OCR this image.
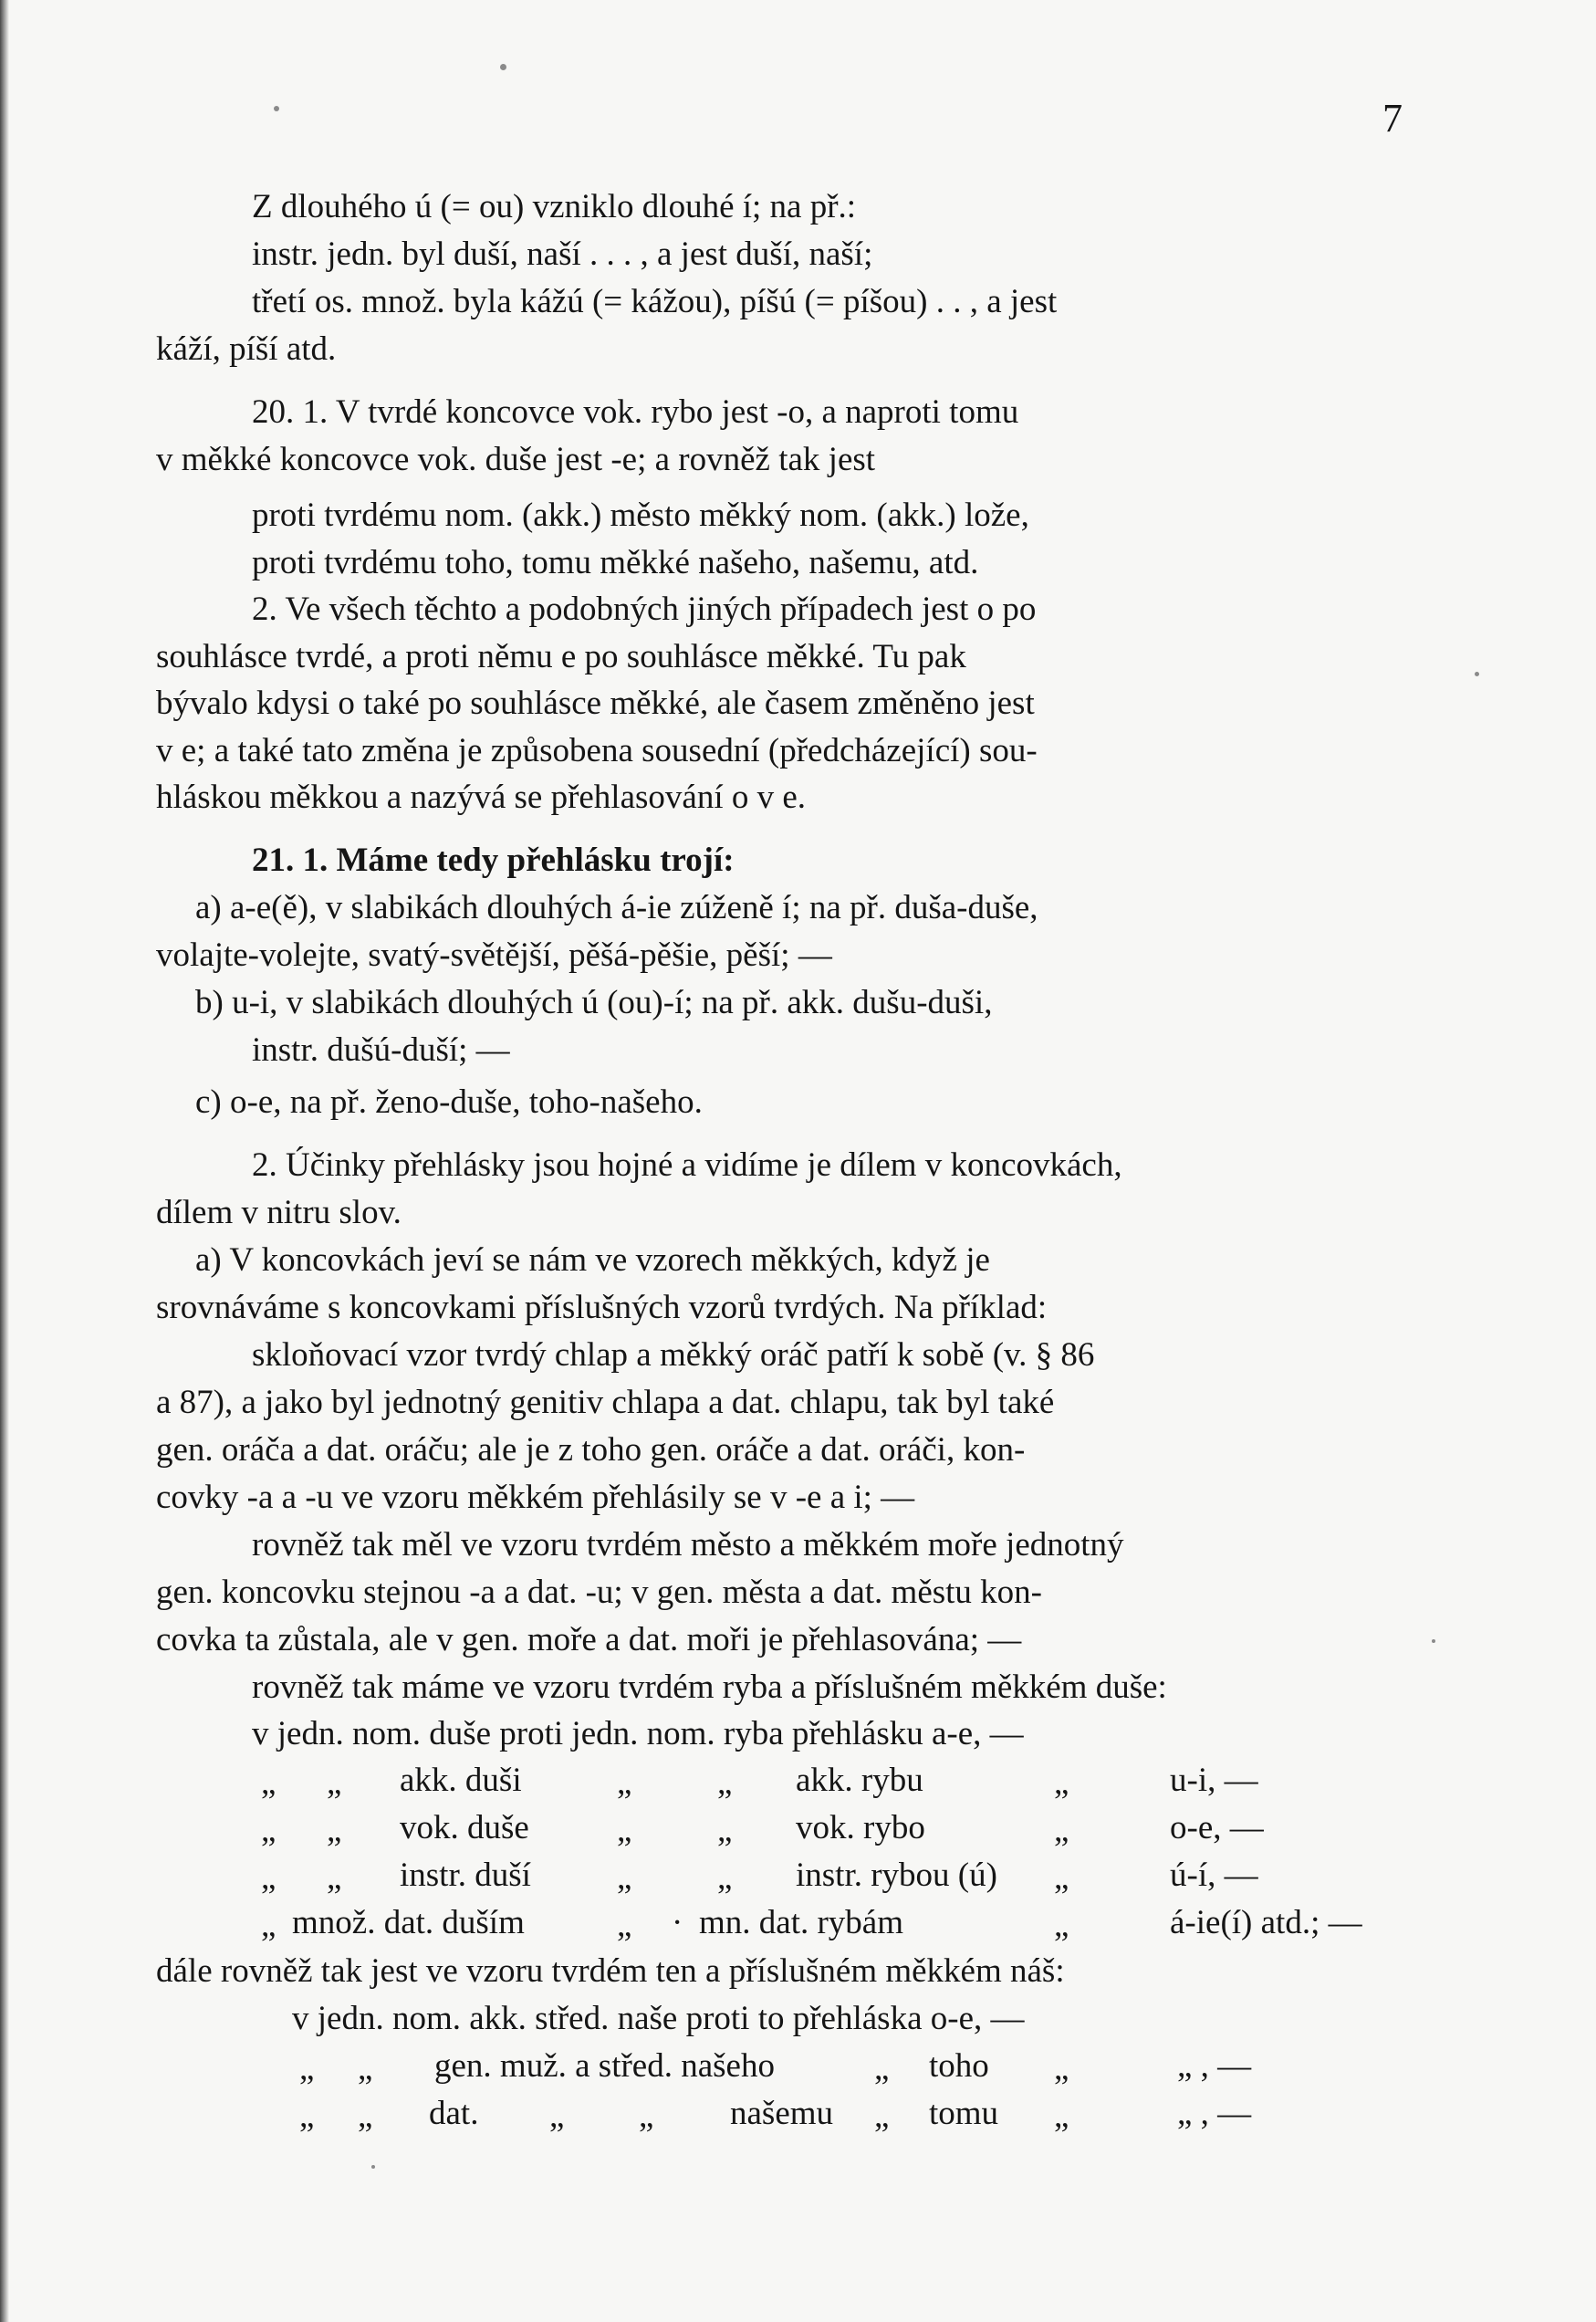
7
Z dlouhého ú (= ou) vzniklo dlouhé í; na př.:
instr. jedn. byl duší, naší . . . , a jest duší, naší;
třetí os. množ. byla kážú (= kážou), píšú (= píšou) . . , a jest
káží, píší atd.
20. 1. V tvrdé koncovce vok. rybo jest -o, a naproti tomu
v měkké koncovce vok. duše jest -e; a rovněž tak jest
proti tvrdému nom. (akk.) město měkký nom. (akk.) lože,
proti tvrdému toho, tomu měkké našeho, našemu, atd.
2. Ve všech těchto a podobných jiných případech jest o po
souhlásce tvrdé, a proti němu e po souhlásce měkké. Tu pak
bývalo kdysi o také po souhlásce měkké, ale časem změněno jest
v e; a také tato změna je způsobena sousední (předcházející) sou-
hláskou měkkou a nazývá se přehlasování o v e.
21. 1. Máme tedy přehlásku trojí:
a) a-e(ě), v slabikách dlouhých á-ie zúženě í; na př. duša-duše,
volajte-volejte, svatý-světější, pěšá-pěšie, pěší; —
b) u-i, v slabikách dlouhých ú (ou)-í; na př. akk. dušu-duši,
instr. dušú-duší; —
c) o-e, na př. ženo-duše, toho-našeho.
2. Účinky přehlásky jsou hojné a vidíme je dílem v koncovkách,
dílem v nitru slov.
a) V koncovkách jeví se nám ve vzorech měkkých, když je
srovnáváme s koncovkami příslušných vzorů tvrdých. Na příklad:
skloňovací vzor tvrdý chlap a měkký oráč patří k sobě (v. § 86
a 87), a jako byl jednotný genitiv chlapa a dat. chlapu, tak byl také
gen. oráča a dat. oráču; ale je z toho gen. oráče a dat. oráči, kon-
covky -a a -u ve vzoru měkkém přehlásily se v -e a i; —
rovněž tak měl ve vzoru tvrdém město a měkkém moře jednotný
gen. koncovku stejnou -a a dat. -u; v gen. města a dat. městu kon-
covka ta zůstala, ale v gen. moře a dat. moři je přehlasována; —
rovněž tak máme ve vzoru tvrdém ryba a příslušném měkkém duše:
v jedn. nom. duše proti jedn. nom. ryba přehlásku a-e, —
„ „ akk. duši	„	„ akk. rybu	„	u-i, —
„ „ vok. duše	„	„ vok. rybo	„	o-e, —
„ „ instr. duší	„	„ instr. rybou (ú) „	ú-í, —
„ množ. dat. duším	„ · mn. dat. rybám	„	á-ie(í) atd.; —
dále rovněž tak jest ve vzoru tvrdém ten a příslušném měkkém náš:
v jedn. nom. akk. střed. naše proti to přehláska o-e, —
„ „ gen. muž. a střed. našeho	„ toho „	„ , —
„ „ dat. „ „ našemu „ tomu „	„ , —
